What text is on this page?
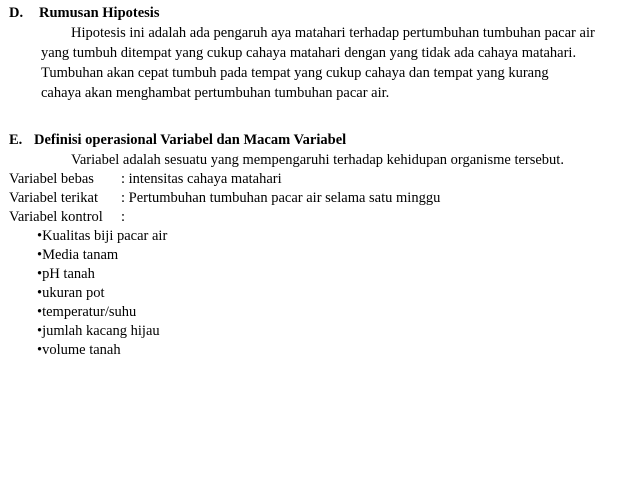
D. Rumusan Hipotesis
Hipotesis ini adalah ada pengaruh aya matahari terhadap pertumbuhan tumbuhan pacar air
yang tumbuh ditempat yang cukup cahaya matahari dengan yang tidak ada cahaya matahari.
Tumbuhan akan cepat tumbuh pada tempat yang cukup cahaya dan tempat yang kurang
cahaya akan menghambat pertumbuhan tumbuhan pacar air.
E. Definisi operasional Variabel dan Macam Variabel
Variabel adalah sesuatu yang mempengaruhi terhadap kehidupan organisme tersebut.
Variabel bebas : intensitas cahaya matahari
Variabel terikat : Pertumbuhan tumbuhan pacar air selama satu minggu
Variabel kontrol :
•Kualitas biji pacar air
•Media tanam
•pH tanah
•ukuran pot
•temperatur/suhu
•jumlah kacang hijau
•volume tanah
